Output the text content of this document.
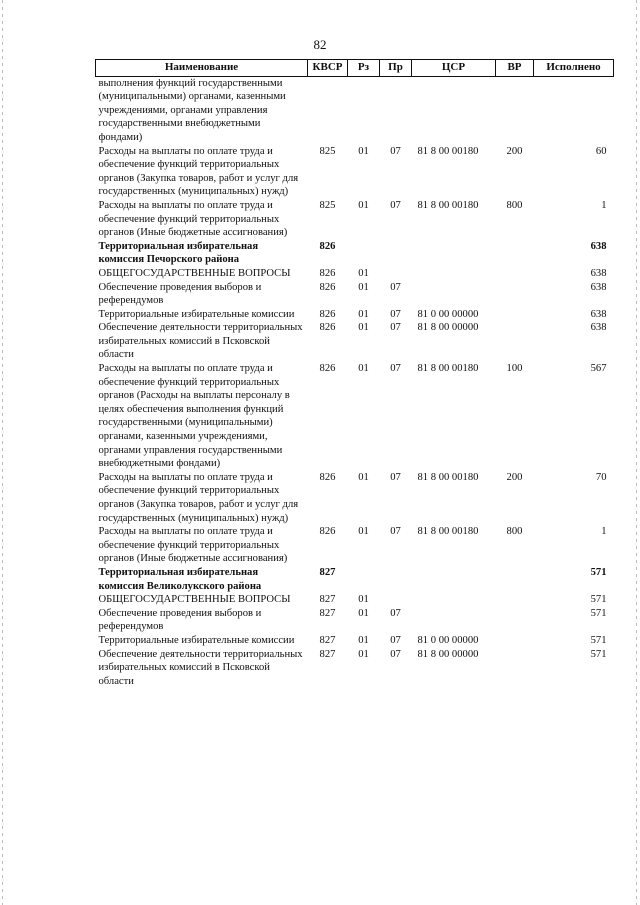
82
Наименование	КВСР	Рз	Пр	ЦСР	ВР	Исполнено
выполнения функций государственными (муниципальными) органами, казенными учреждениями, органами управления государственными внебюджетными фондами)						
Расходы на выплаты по оплате труда и обеспечение функций территориальных органов (Закупка товаров, работ и услуг для государственных (муниципальных) нужд)	825	01	07	81 8 00 00180	200	60
Расходы на выплаты по оплате труда и обеспечение функций территориальных органов (Иные бюджетные ассигнования)	825	01	07	81 8 00 00180	800	1
Территориальная избирательная комиссия Печорского района	826					638
ОБЩЕГОСУДАРСТВЕННЫЕ ВОПРОСЫ	826	01				638
Обеспечение проведения выборов и референдумов	826	01	07			638
Территориальные избирательные комиссии	826	01	07	81 0 00 00000		638
Обеспечение деятельности территориальных избирательных комиссий в Псковской области	826	01	07	81 8 00 00000		638
Расходы на выплаты по оплате труда и обеспечение функций территориальных органов (Расходы на выплаты персоналу в целях обеспечения выполнения функций государственными (муниципальными) органами, казенными учреждениями, органами управления государственными внебюджетными фондами)	826	01	07	81 8 00 00180	100	567
Расходы на выплаты по оплате труда и обеспечение функций территориальных органов (Закупка товаров, работ и услуг для государственных (муниципальных) нужд)	826	01	07	81 8 00 00180	200	70
Расходы на выплаты по оплате труда и обеспечение функций территориальных органов (Иные бюджетные ассигнования)	826	01	07	81 8 00 00180	800	1
Территориальная избирательная комиссия Великолукского района	827					571
ОБЩЕГОСУДАРСТВЕННЫЕ ВОПРОСЫ	827	01				571
Обеспечение проведения выборов и референдумов	827	01	07			571
Территориальные избирательные комиссии	827	01	07	81 0 00 00000		571
Обеспечение деятельности территориальных избирательных комиссий в Псковской области	827	01	07	81 8 00 00000		571
